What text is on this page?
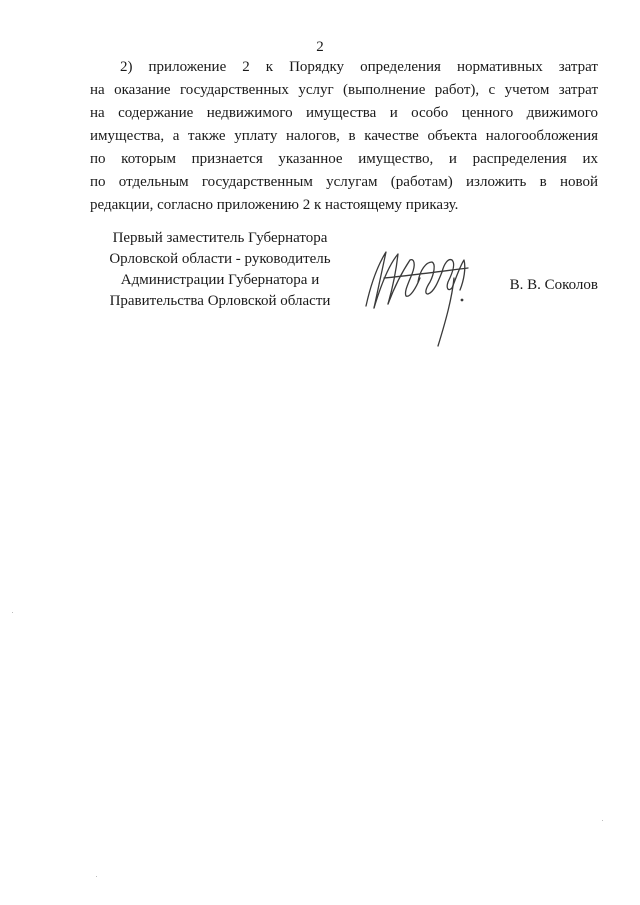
2
2) приложение 2 к Порядку определения нормативных затрат
на оказание государственных услуг (выполнение работ), с учетом затрат
на содержание недвижимого имущества и особо ценного движимого
имущества, а также уплату налогов, в качестве объекта налогообложения
по которым признается указанное имущество, и распределения их
по отдельным государственным услугам (работам) изложить в новой
редакции, согласно приложению 2 к настоящему приказу.
Первый заместитель Губернатора
Орловской области - руководитель
Администрации Губернатора и
Правительства Орловской области
В. В. Соколов
